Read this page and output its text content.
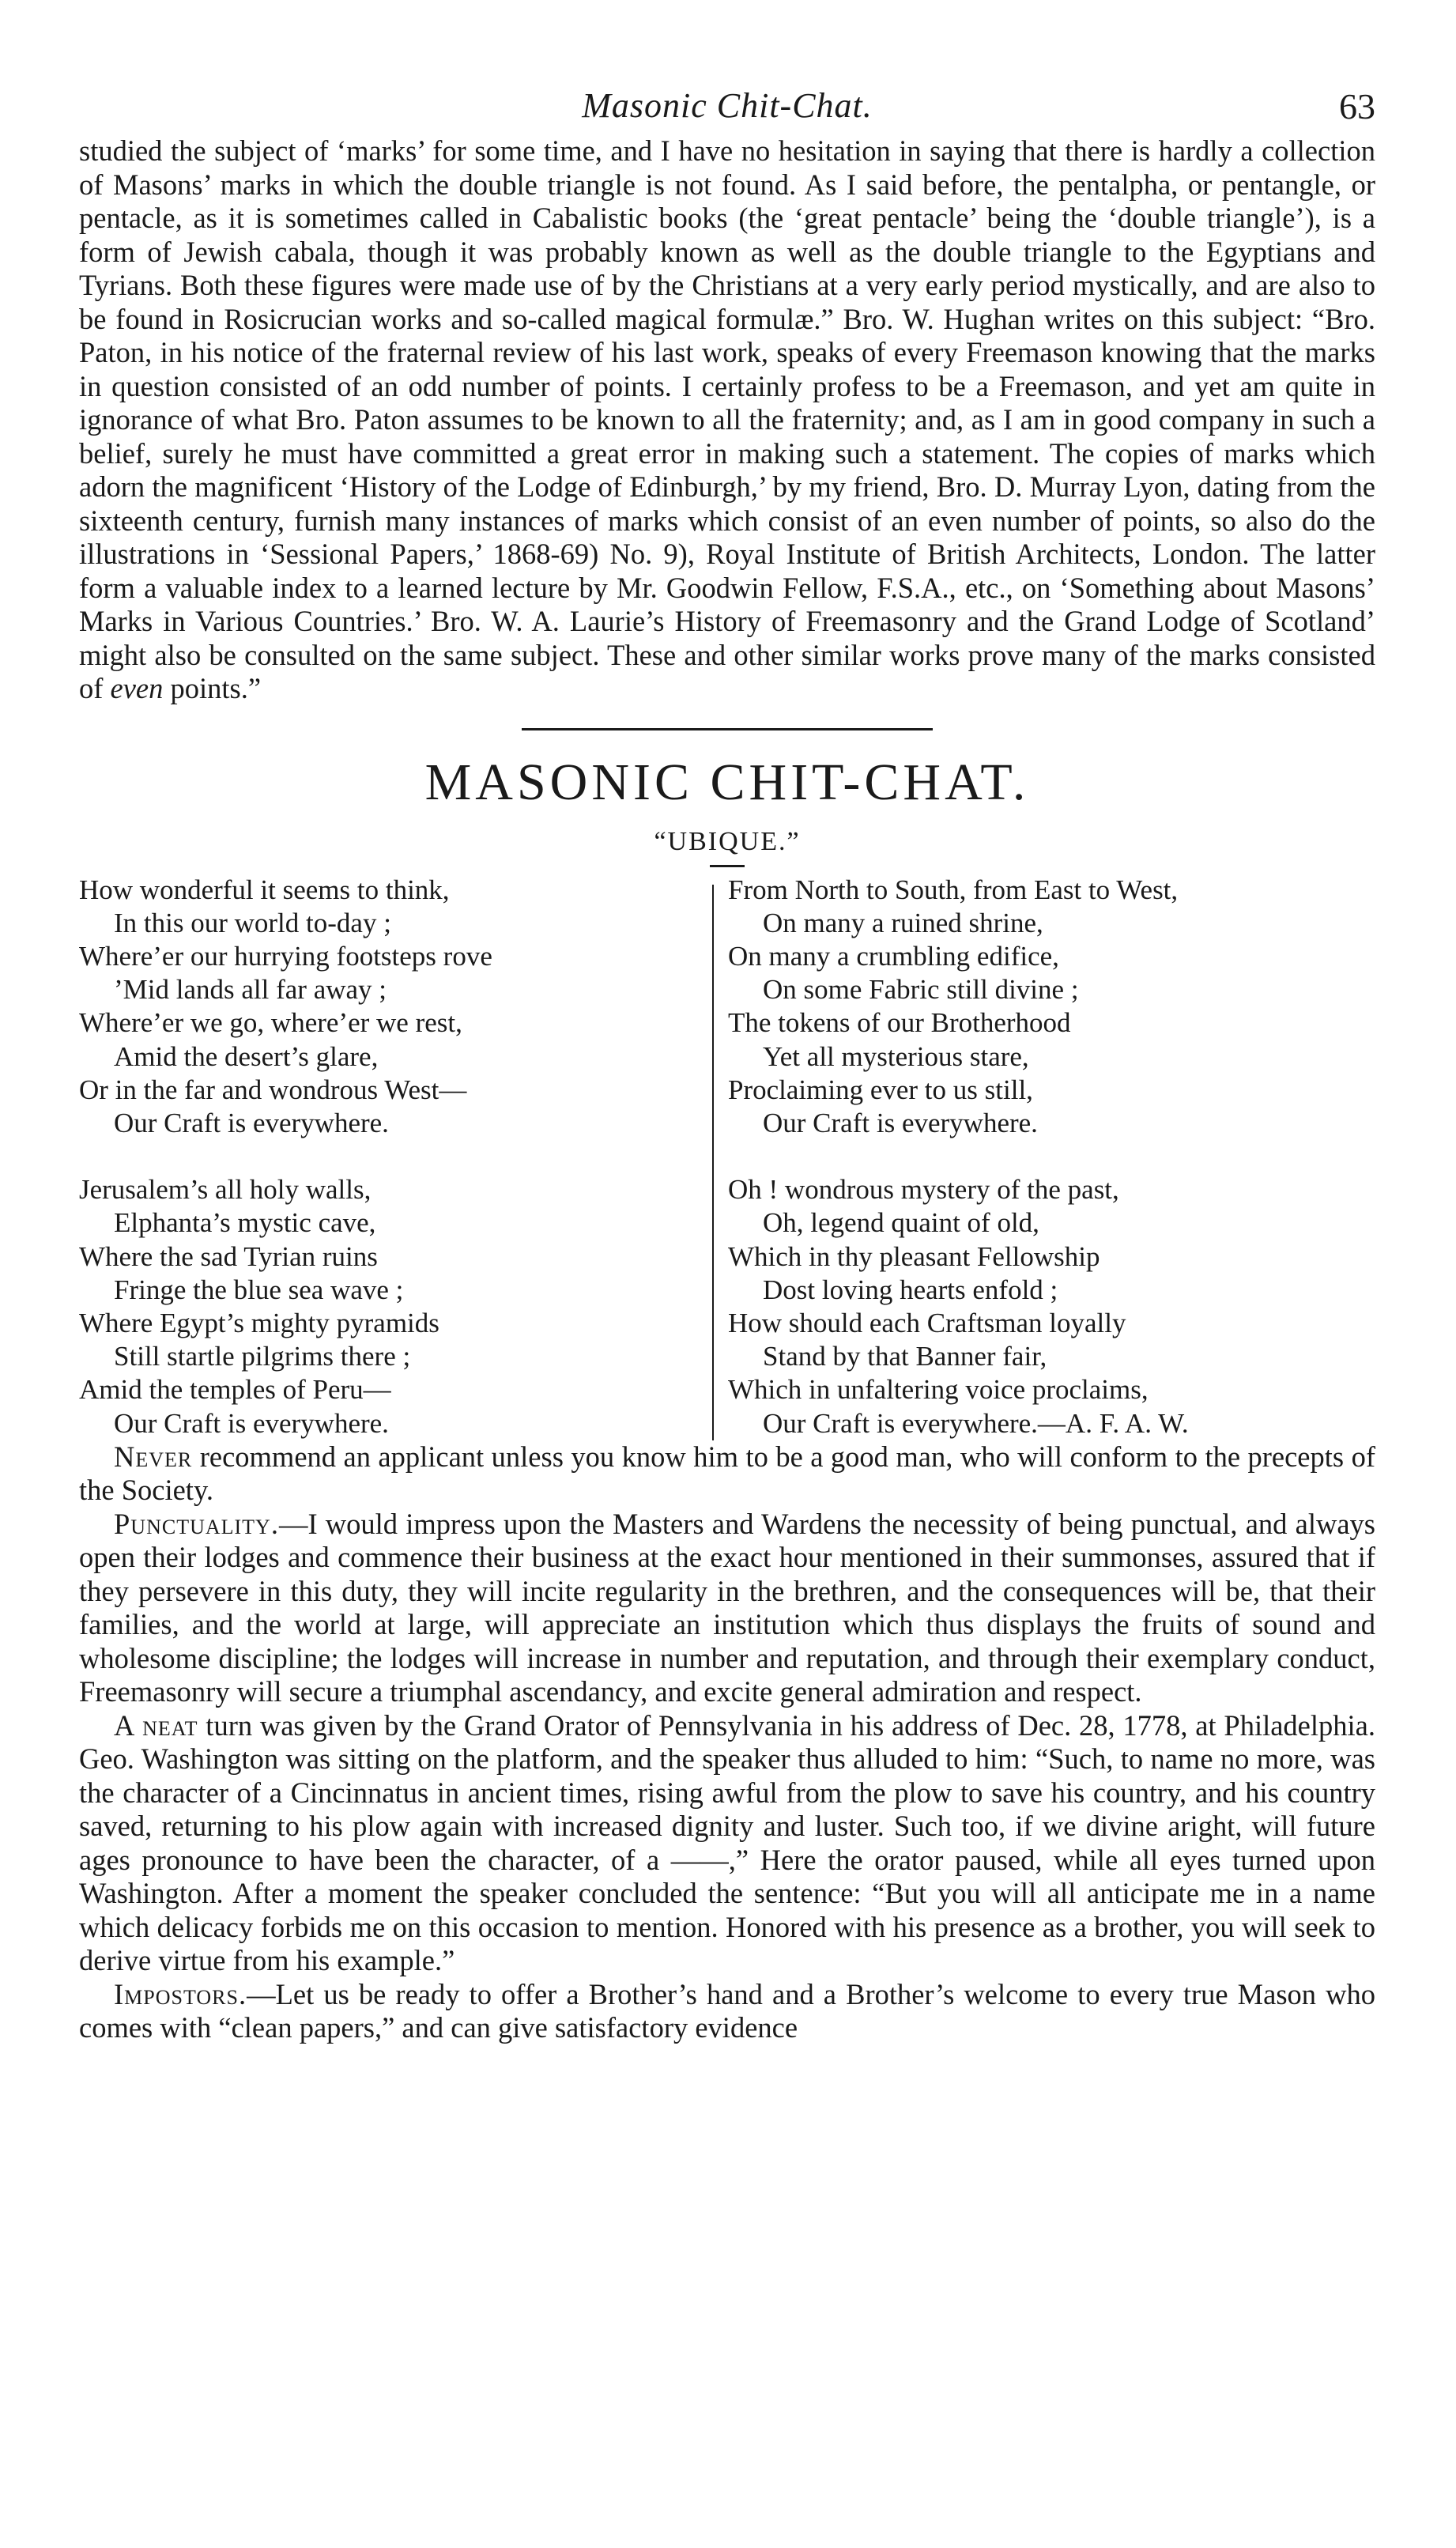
Masonic Chit-Chat.	63
studied the subject of ‘marks’ for some time, and I have no hesitation in saying that there is hardly a collection of Masons’ marks in which the double triangle is not found. As I said before, the pentalpha, or pentangle, or pentacle, as it is sometimes called in Cabalistic books (the ‘great pentacle’ being the ‘double triangle’), is a form of Jewish cabala, though it was probably known as well as the double triangle to the Egyptians and Tyrians. Both these figures were made use of by the Christians at a very early period mystically, and are also to be found in Rosicrucian works and so-called magical formulæ.” Bro. W. Hughan writes on this subject: “Bro. Paton, in his notice of the fraternal review of his last work, speaks of every Freemason knowing that the marks in question consisted of an odd number of points. I certainly profess to be a Freemason, and yet am quite in ignorance of what Bro. Paton assumes to be known to all the fraternity; and, as I am in good company in such a belief, surely he must have committed a great error in making such a statement. The copies of marks which adorn the magnificent ‘History of the Lodge of Edinburgh,’ by my friend, Bro. D. Murray Lyon, dating from the sixteenth century, furnish many instances of marks which consist of an even number of points, so also do the illustrations in ‘Sessional Papers,’ 1868-69) No. 9), Royal Institute of British Architects, London. The latter form a valuable index to a learned lecture by Mr. Goodwin Fellow, F.S.A., etc., on ‘Something about Masons’ Marks in Various Countries.’ Bro. W. A. Laurie’s History of Freemasonry and the Grand Lodge of Scotland’ might also be consulted on the same subject. These and other similar works prove many of the marks consisted of even points.”
MASONIC CHIT-CHAT.
“UBIQUE.”
How wonderful it seems to think,
In this our world to-day ;
Where’er our hurrying footsteps rove
’Mid lands all far away ;
Where’er we go, where’er we rest,
Amid the desert’s glare,
Or in the far and wondrous West—
Our Craft is everywhere.
Jerusalem’s all holy walls,
Elphanta’s mystic cave,
Where the sad Tyrian ruins
Fringe the blue sea wave ;
Where Egypt’s mighty pyramids
Still startle pilgrims there ;
Amid the temples of Peru—
Our Craft is everywhere.
From North to South, from East to West,
On many a ruined shrine,
On many a crumbling edifice,
On some Fabric still divine ;
The tokens of our Brotherhood
Yet all mysterious stare,
Proclaiming ever to us still,
Our Craft is everywhere.
Oh ! wondrous mystery of the past,
Oh, legend quaint of old,
Which in thy pleasant Fellowship
Dost loving hearts enfold ;
How should each Craftsman loyally
Stand by that Banner fair,
Which in unfaltering voice proclaims,
Our Craft is everywhere.—A. F. A. W.

Never recommend an applicant unless you know him to be a good man, who will conform to the precepts of the Society.

Punctuality.—I would impress upon the Masters and Wardens the necessity of being punctual, and always open their lodges and commence their business at the exact hour mentioned in their summonses, assured that if they persevere in this duty, they will incite regularity in the brethren, and the consequences will be, that their families, and the world at large, will appreciate an institution which thus displays the fruits of sound and wholesome discipline; the lodges will increase in number and reputation, and through their exemplary conduct, Freemasonry will secure a triumphal ascendancy, and excite general admiration and respect.

A neat turn was given by the Grand Orator of Pennsylvania in his address of Dec. 28, 1778, at Philadelphia. Geo. Washington was sitting on the platform, and the speaker thus alluded to him: “Such, to name no more, was the character of a Cincinnatus in ancient times, rising awful from the plow to save his country, and his country saved, returning to his plow again with increased dignity and luster. Such too, if we divine aright, will future ages pronounce to have been the character, of a ——,” Here the orator paused, while all eyes turned upon Washington. After a moment the speaker concluded the sentence: “But you will all anticipate me in a name which delicacy forbids me on this occasion to mention. Honored with his presence as a brother, you will seek to derive virtue from his example.”

Impostors.—Let us be ready to offer a Brother’s hand and a Brother’s welcome to every true Mason who comes with “clean papers,” and can give satisfactory evidence
